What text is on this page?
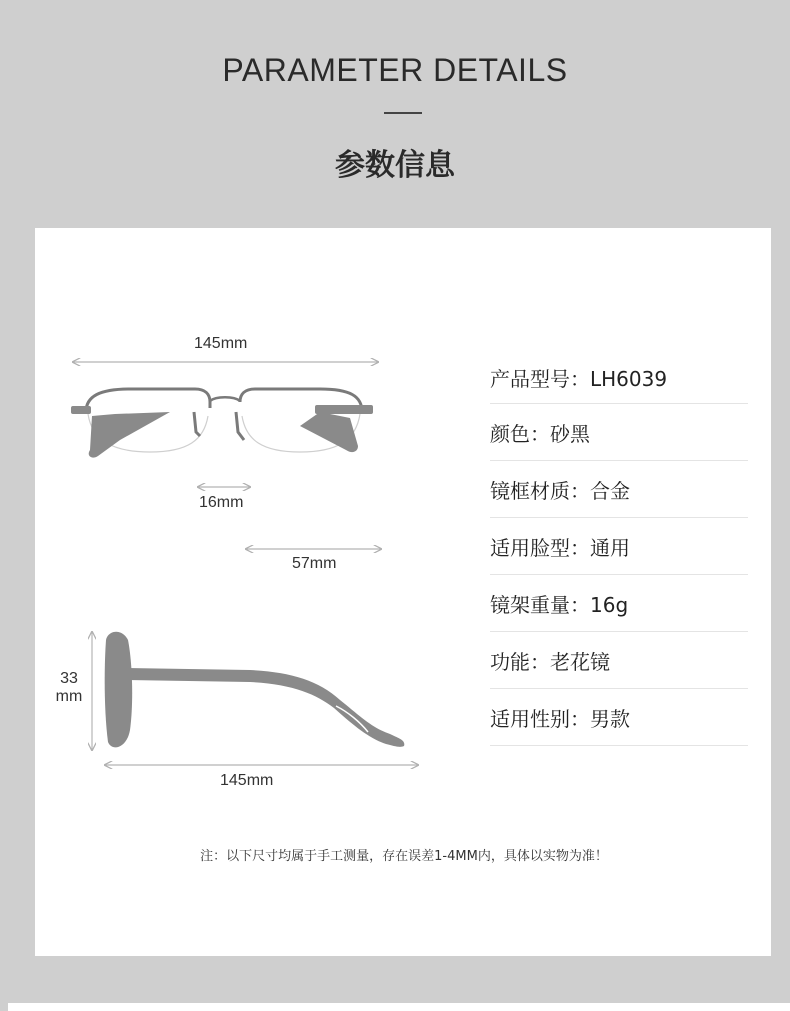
PARAMETER DETAILS
参数信息
145mm
16mm
57mm
33
mm
145mm
产品型号：LH6039
颜色：砂黑
镜框材质：合金
适用脸型：通用
镜架重量：16g
功能：老花镜
适用性别：男款
注：以下尺寸均属于手工测量，存在误差1-4MM内，具体以实物为准！
